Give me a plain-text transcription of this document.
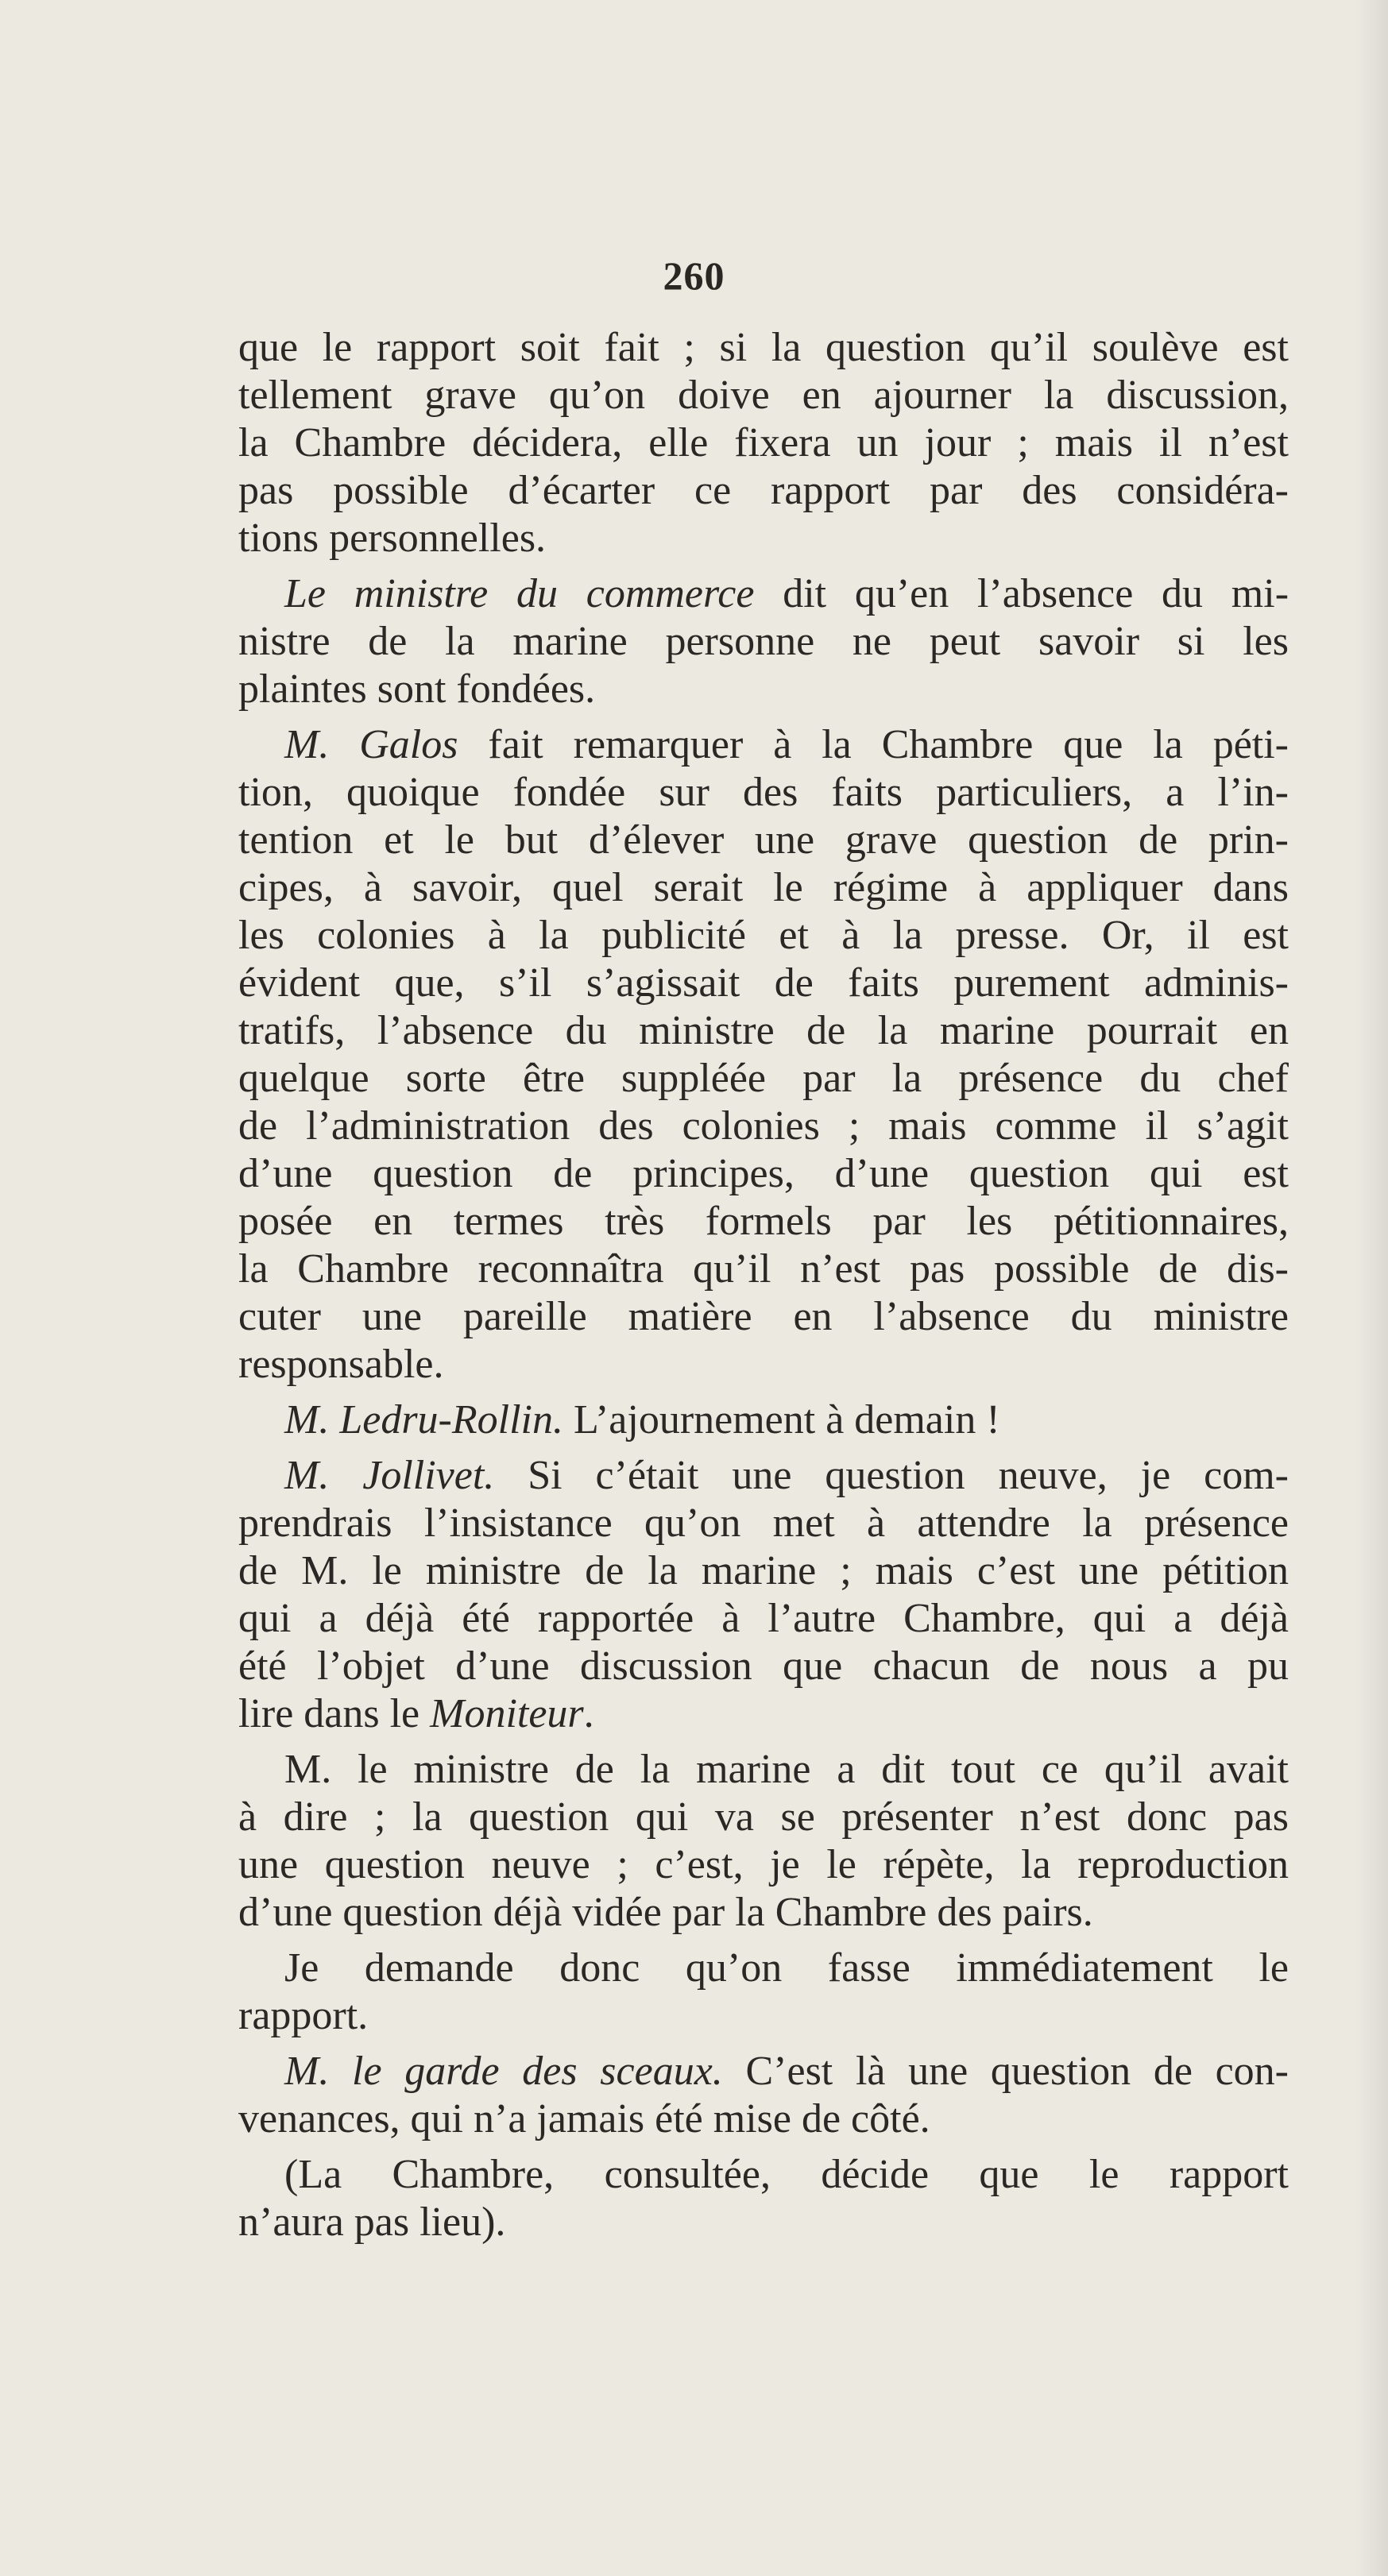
260
que le rapport soit fait ; si la question qu’il soulève est
tellement grave qu’on doive en ajourner la discussion,
la Chambre décidera, elle fixera un jour ; mais il n’est
pas possible d’écarter ce rapport par des considéra-
tions personnelles.
Le ministre du commerce dit qu’en l’absence du mi-
nistre de la marine personne ne peut savoir si les
plaintes sont fondées.
M. Galos fait remarquer à la Chambre que la péti-
tion, quoique fondée sur des faits particuliers, a l’in-
tention et le but d’élever une grave question de prin-
cipes, à savoir, quel serait le régime à appliquer dans
les colonies à la publicité et à la presse. Or, il est
évident que, s’il s’agissait de faits purement adminis-
tratifs, l’absence du ministre de la marine pourrait en
quelque sorte être suppléée par la présence du chef
de l’administration des colonies ; mais comme il s’agit
d’une question de principes, d’une question qui est
posée en termes très formels par les pétitionnaires,
la Chambre reconnaîtra qu’il n’est pas possible de dis-
cuter une pareille matière en l’absence du ministre
responsable.
M. Ledru-Rollin. L’ajournement à demain !
M. Jollivet. Si c’était une question neuve, je com-
prendrais l’insistance qu’on met à attendre la présence
de M. le ministre de la marine ; mais c’est une pétition
qui a déjà été rapportée à l’autre Chambre, qui a déjà
été l’objet d’une discussion que chacun de nous a pu
lire dans le Moniteur.
M. le ministre de la marine a dit tout ce qu’il avait
à dire ; la question qui va se présenter n’est donc pas
une question neuve ; c’est, je le répète, la reproduction
d’une question déjà vidée par la Chambre des pairs.
Je demande donc qu’on fasse immédiatement le
rapport.
M. le garde des sceaux. C’est là une question de con-
venances, qui n’a jamais été mise de côté.
(La Chambre, consultée, décide que le rapport
n’aura pas lieu).
